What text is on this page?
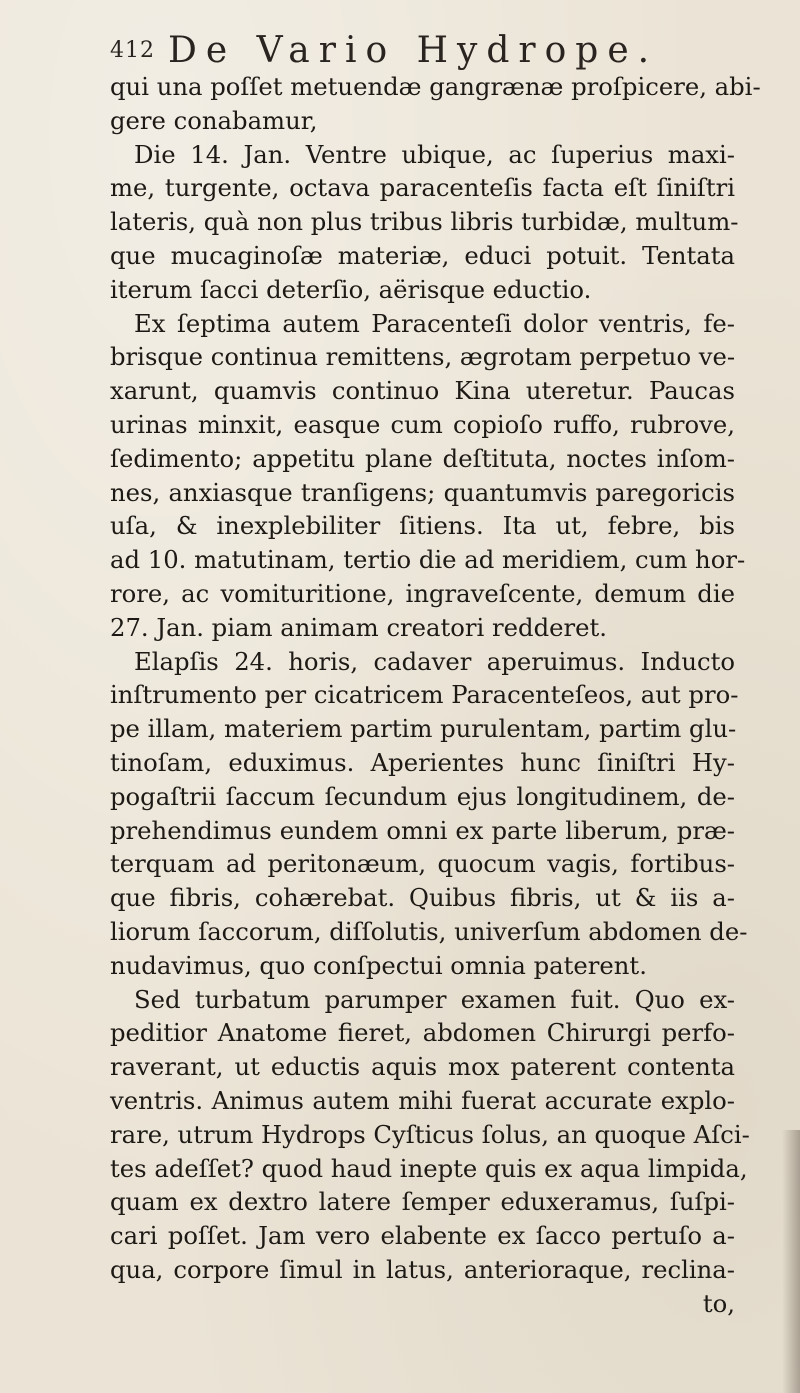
412 De Vario Hydrope.
qui una poſſet metuendæ gangrænæ proſpicere, abi-
gere conabamur,
Die 14. Jan. Ventre ubique, ac ſuperius maxi-
me, turgente, octava paracenteſis facta eſt ſiniſtri
lateris, quà non plus tribus libris turbidæ, multum-
que mucaginoſæ materiæ, educi potuit. Tentata
iterum ſacci deterſio, aërisque eductio.
Ex ſeptima autem Paracenteſi dolor ventris, fe-
brisque continua remittens, ægrotam perpetuo ve-
xarunt, quamvis continuo Kina uteretur. Paucas
urinas minxit, easque cum copioſo ruffo, rubrove,
ſedimento; appetitu plane deſtituta, noctes inſom-
nes, anxiasque tranſigens; quantumvis paregoricis
uſa, & inexplebiliter ſitiens. Ita ut, febre, bis
ad 10. matutinam, tertio die ad meridiem, cum hor-
rore, ac vomituritione, ingraveſcente, demum die
27. Jan. piam animam creatori redderet.
Elapſis 24. horis, cadaver aperuimus. Inducto
inſtrumento per cicatricem Paracenteſeos, aut pro-
pe illam, materiem partim purulentam, partim glu-
tinoſam, eduximus. Aperientes hunc ſiniſtri Hy-
pogaſtrii ſaccum ſecundum ejus longitudinem, de-
prehendimus eundem omni ex parte liberum, præ-
terquam ad peritonæum, quocum vagis, fortibus-
que fibris, cohærebat. Quibus fibris, ut & iis a-
liorum ſaccorum, diſſolutis, univerſum abdomen de-
nudavimus, quo conſpectui omnia paterent.
Sed turbatum parumper examen fuit. Quo ex-
peditior Anatome fieret, abdomen Chirurgi perfo-
raverant, ut eductis aquis mox paterent contenta
ventris. Animus autem mihi fuerat accurate explo-
rare, utrum Hydrops Cyſticus ſolus, an quoque Aſci-
tes adeſſet? quod haud inepte quis ex aqua limpida,
quam ex dextro latere ſemper eduxeramus, ſuſpi-
cari poſſet. Jam vero elabente ex ſacco pertuſo a-
qua, corpore ſimul in latus, anterioraque, reclina-
to,
